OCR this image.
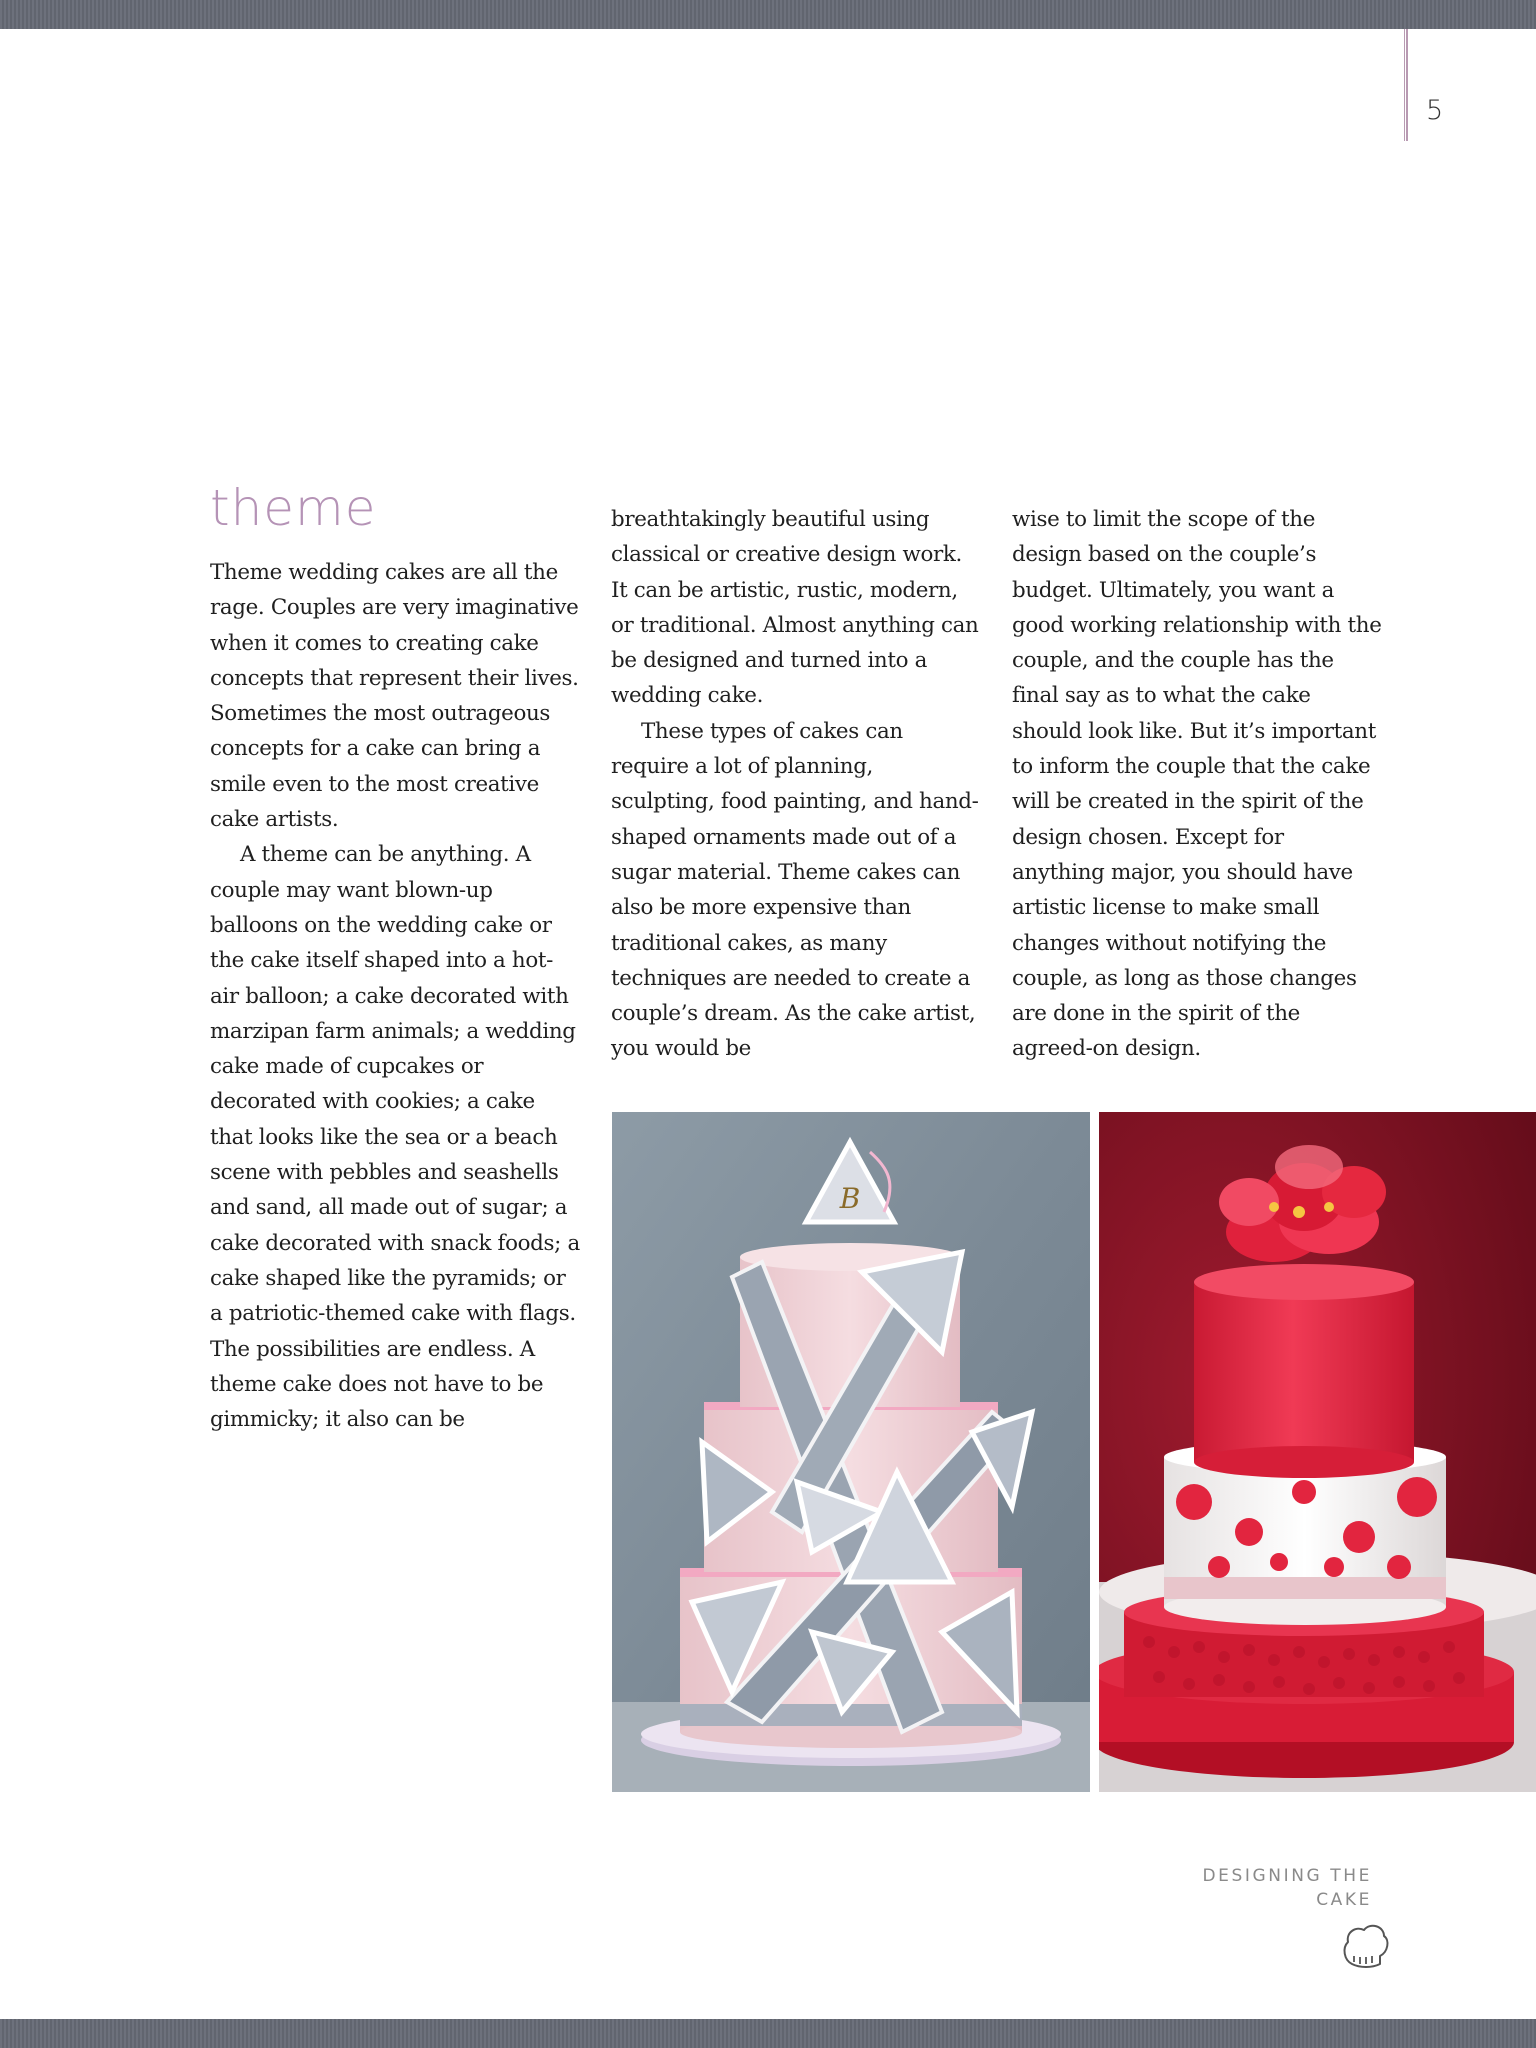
5
theme

Theme wedding cakes are all the rage. Couples are very imaginative when it comes to creating cake concepts that represent their lives. Sometimes the most outrageous concepts for a cake can bring a smile even to the most creative cake artists.

A theme can be anything. A couple may want blown-up balloons on the wedding cake or the cake itself shaped into a hot-air balloon; a cake decorated with marzipan farm animals; a wedding cake made of cupcakes or decorated with cookies; a cake that looks like the sea or a beach scene with pebbles and seashells and sand, all made out of sugar; a cake decorated with snack foods; a cake shaped like the pyramids; or a patriotic-themed cake with flags. The possibilities are endless. A theme cake does not have to be gimmicky; it also can be

breathtakingly beautiful using classical or creative design work. It can be artistic, rustic, modern, or traditional. Almost anything can be designed and turned into a wedding cake.

These types of cakes can require a lot of planning, sculpting, food painting, and hand-shaped ornaments made out of a sugar material. Theme cakes can also be more expensive than traditional cakes, as many techniques are needed to create a couple’s dream. As the cake artist, you would be

wise to limit the scope of the design based on the couple’s budget. Ultimately, you want a good working relationship with the couple, and the couple has the final say as to what the cake should look like. But it’s important to inform the couple that the cake will be created in the spirit of the design chosen. Except for anything major, you should have artistic license to make small changes without notifying the couple, as long as those changes are done in the spirit of the agreed-on design.

B
DESIGNING THE CAKE
